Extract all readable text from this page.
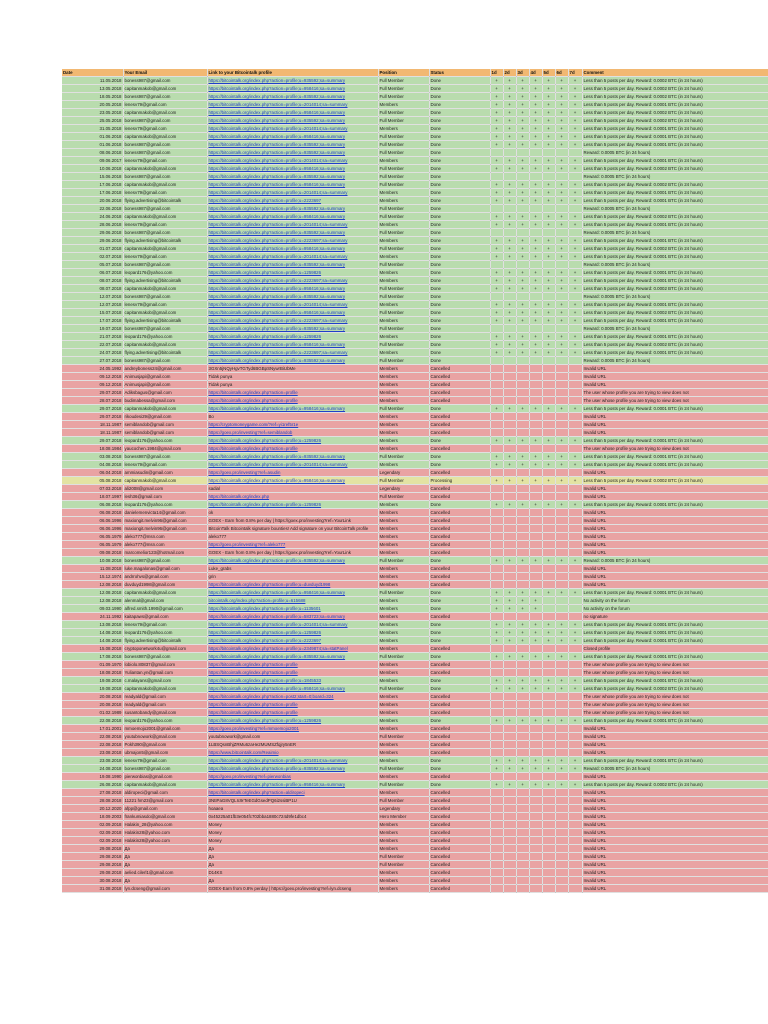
Date	Your Email	Link to your Bitcointalk profile	Position	Status	1d	2d	3d	4d	5d	6d	7d	Comment
11.05.2018	boness987@gmail.com	https://bitcointalk.org/index.php?action=profile;u=935592;sa=summary	Full Member	Done	+	+	+	+	+	+	+	Less than 5 posts per day. Reward: 0.0002 BTC (in 24 hours)
13.05.2018	capitanmakob@gmail.com	https://bitcointalk.org/index.php?action=profile;u=958416;sa=summary	Full Member	Done	+	+	+	+	+	+	+	Less than 5 posts per day. Reward: 0.0002 BTC (in 24 hours)
18.05.2018	boness987@gmail.com	https://bitcointalk.org/index.php?action=profile;u=935592;sa=summary	Full Member	Done	+	+	+	+	+	+	+	Less than 5 posts per day. Reward: 0.0002 BTC (in 24 hours)
20.05.2018	lenesv79@gmail.com	https://bitcointalk.org/index.php?action=profile;u=2014014;sa=summary	Members	Done	+	+	+	+	+	+	+	Less than 5 posts per day. Reward: 0.0001 BTC (in 24 hours)
23.05.2018	capitanmakob@gmail.com	https://bitcointalk.org/index.php?action=profile;u=958416;sa=summary	Full Member	Done	+	+	+	+	+	+	+	Less than 5 posts per day. Reward: 0.0002 BTC (in 24 hours)
25.05.2018	boness987@gmail.com	https://bitcointalk.org/index.php?action=profile;u=935592;sa=summary	Full Member	Done	+	+	+	+	+	+	+	Less than 5 posts per day. Reward: 0.0002 BTC (in 24 hours)
31.05.2018	lenesv79@gmail.com	https://bitcointalk.org/index.php?action=profile;u=2014014;sa=summary	Members	Done	+	+	+	+	+	+	+	Less than 5 posts per day. Reward: 0.0001 BTC (in 24 hours)
01.06.2018	capitanmakob@gmail.com	https://bitcointalk.org/index.php?action=profile;u=958416;sa=summary	Full Member	Done	+	+	+	+	+	+	+	Less than 5 posts per day. Reward: 0.0001 BTC (in 24 hours)
01.06.2018	boness987@gmail.com	https://bitcointalk.org/index.php?action=profile;u=935592;sa=summary	Full Member	Done	+	+	+	+	+	+	+	Less than 5 posts per day. Reward: 0.0001 BTC (in 24 hours)
08.06.2018	boness987@gmail.com	https://bitcointalk.org/index.php?action=profile;u=935592;sa=summary	Full Member	Done								Reward: 0.0005 BTC (in 24 hours)
09.06.2017	lenesv79@gmail.com	https://bitcointalk.org/index.php?action=profile;u=2014014;sa=summary	Members	Done	+	+	+	+	+	+	+	Less than 5 posts per day. Reward: 0.0001 BTC (in 24 hours)
10.06.2018	capitanmakob@gmail.com	https://bitcointalk.org/index.php?action=profile;u=958416;sa=summary	Full Member	Done	+	+	+	+	+	+	+	Less than 5 posts per day. Reward: 0.0002 BTC (in 24 hours)
15.06.2018	boness987@gmail.com	https://bitcointalk.org/index.php?action=profile;u=935592;sa=summary	Full Member	Done								Reward: 0.0005 BTC (in 24 hours)
17.06.2018	capitanmakob@gmail.com	https://bitcointalk.org/index.php?action=profile;u=958416;sa=summary	Full Member	Done	+	+	+	+	+	+	+	Less than 5 posts per day. Reward: 0.0002 BTC (in 24 hours)
17.06.2018	lenesv79@gmail.com	https://bitcointalk.org/index.php?action=profile;u=2014014;sa=summary	Members	Done	+	+	+	+	+	+	+	Less than 5 posts per day. Reward: 0.0001 BTC (in 24 hours)
20.06.2018	flying.advertising@bitcointalk	https://bitcointalk.org/index.php?action=profile;u=2223697	Members	Done	+	+	+	+	+	+	+	Less than 5 posts per day. Reward: 0.0001 BTC (in 24 hours)
22.06.2018	boness987@gmail.com	https://bitcointalk.org/index.php?action=profile;u=935592;sa=summary	Full Member	Done								Reward: 0.0005 BTC (in 24 hours)
24.06.2018	capitanmakob@gmail.com	https://bitcointalk.org/index.php?action=profile;u=958416;sa=summary	Full Member	Done	+	+	+	+	+	+	+	Less than 5 posts per day. Reward: 0.0002 BTC (in 24 hours)
28.06.2018	lenesv79@gmail.com	https://bitcointalk.org/index.php?action=profile;u=2014014;sa=summary	Members	Done	+	+	+	+	+	+	+	Less than 5 posts per day. Reward: 0.0001 BTC (in 24 hours)
29.06.2018	boness987@gmail.com	https://bitcointalk.org/index.php?action=profile;u=935592;sa=summary	Full Member	Done								Reward: 0.0005 BTC (in 24 hours)
29.06.2018	flying.advertising@bitcointalk	https://bitcointalk.org/index.php?action=profile;u=2223697;sa=summary	Members	Done	+	+	+	+	+	+	+	Less than 5 posts per day. Reward: 0.0001 BTC (in 24 hours)
01.07.2018	capitanmakob@gmail.com	https://bitcointalk.org/index.php?action=profile;u=958416;sa=summary	Full Member	Done	+	+	+	+	+	+	+	Less than 5 posts per day. Reward: 0.0002 BTC (in 24 hours)
02.07.2018	lenesv79@gmail.com	https://bitcointalk.org/index.php?action=profile;u=2014014;sa=summary	Members	Done	+	+	+	+	+	+	+	Less than 5 posts per day. Reward: 0.0001 BTC (in 24 hours)
05.07.2018	boness987@gmail.com	https://bitcointalk.org/index.php?action=profile;u=935592;sa=summary	Full Member	Done								Reward: 0.0005 BTC (in 24 hours)
06.07.2018	leopard176@yahoo.com	https://bitcointalk.org/index.php?action=profile;u=1259826	Members	Done	+	+	+	+	+	+	+	Less than 5 posts per day. Reward: 0.0001 BTC (in 24 hours)
08.07.2018	flying.advertising@bitcointalk	https://bitcointalk.org/index.php?action=profile;u=2223697;sa=summary	Members	Done	+	+	+	+	+	+	+	Less than 5 posts per day. Reward: 0.0001 BTC (in 24 hours)
08.07.2018	capitanmakob@gmail.com	https://bitcointalk.org/index.php?action=profile;u=958416;sa=summary	Full Member	Done	+	+	+	+	+	+	+	Less than 5 posts per day. Reward: 0.0002 BTC (in 24 hours)
12.07.2018	boness987@gmail.com	https://bitcointalk.org/index.php?action=profile;u=935592;sa=summary	Full Member	Done								Reward: 0.0005 BTC (in 24 hours)
12.07.2018	lenesv79@gmail.com	https://bitcointalk.org/index.php?action=profile;u=2014014;sa=summary	Members	Done	+	+	+	+	+	+	+	Less than 5 posts per day. Reward: 0.0001 BTC (in 24 hours)
15.07.2018	capitanmakob@gmail.com	https://bitcointalk.org/index.php?action=profile;u=958416;sa=summary	Full Member	Done	+	+	+	+	+	+	+	Less than 5 posts per day. Reward: 0.0002 BTC (in 24 hours)
17.07.2018	flying.advertising@bitcointalk	https://bitcointalk.org/index.php?action=profile;u=2223697;sa=summary	Members	Done	+	+	+	+	+	+	+	Less than 5 posts per day. Reward: 0.0001 BTC (in 24 hours)
19.07.2018	boness987@gmail.com	https://bitcointalk.org/index.php?action=profile;u=935592;sa=summary	Full Member	Done								Reward: 0.0005 BTC (in 24 hours)
21.07.2018	leopard176@yahoo.com	https://bitcointalk.org/index.php?action=profile;u=1259826	Members	Done	+	+	+	+	+	+	+	Less than 5 posts per day. Reward: 0.0001 BTC (in 24 hours)
22.07.2018	capitanmakob@gmail.com	https://bitcointalk.org/index.php?action=profile;u=958416;sa=summary	Full Member	Done	+	+	+	+	+	+	+	Less than 5 posts per day. Reward: 0.0002 BTC (in 24 hours)
24.07.2018	flying.advertising@bitcointalk	https://bitcointalk.org/index.php?action=profile;u=2223697;sa=summary	Members	Done	+	+	+	+	+	+	+	Less than 5 posts per day. Reward: 0.0001 BTC (in 24 hours)
27.07.2018	boness987@gmail.com	https://bitcointalk.org/index.php?action=profile;u=935592;sa=summary	Full Member	Done								Reward: 0.0005 BTC (in 24 hours)
24.05.1992	andreyboness24@gmail.com	3GXn5jNQyHgvTGTyd6BGBpSNywrBiUbMe	Members	Cancelled								Invalid URL
09.12.2018	Animusjapi@gmail.com	Tidak punya	Members	Cancelled								Invalid URL
09.12.2018	Animusjapi@gmail.com	Tidak punya	Members	Cancelled								Invalid URL
29.07.2018	Adiksbagus@gmail.com	https://bitcointalk.org/index.php?action=profile	Members	Cancelled								The user whose profile you are trying to view does not
28.07.2018	budimabessa@gmail.com	https://bitcointalk.org/index.php?action=profile	Members	Cancelled								The user whose profile you are trying to view does not
29.07.2018	capitanmakob@gmail.com	https://bitcointalk.org/index.php?action=profile;u=958416;sa=summary	Full Member	Done	+	+	+	+	+	+	+	Less than 5 posts per day. Reward: 0.0001 BTC (in 24 hours)
29.07.2018	rikoudesi29@gmail.com	Bo	Members	Cancelled								Invalid URL
18.11.1987	semiblandob@gmail.com	https://cryptomoneygame.com/?ref=yi1ref5r1e	Members	Cancelled								Invalid URL
18.11.1987	semiblandob@gmail.com	https://goex.pro/investing?ref=semiblandob	Members	Cancelled								Invalid URL
29.07.2018	leopard176@yahoo.com	https://bitcointalk.org/index.php?action=profile;u=1259826	Members	Done	+	+	+	+	+	+	+	Less than 5 posts per day. Reward: 0.0001 BTC (in 24 hours)
18.08.1984	yaucochen.1984@gmail.com	https://bitcointalk.org/index.php?action=profile	Members	Cancelled								The user whose profile you are trying to view does not
03.08.2018	boness987@gmail.com	https://bitcointalk.org/index.php?action=profile;u=935592;sa=summary	Full Member	Done	+	+	+	+	+	+	+	Less than 5 posts per day. Reward: 0.0001 BTC (in 24 hours)
04.08.2018	lenesv79@gmail.com	https://bitcointalk.org/index.php?action=profile;u=2014014;sa=summary	Members	Done	+	+	+	+	+	+	+	Less than 5 posts per day. Reward: 0.0001 BTC (in 24 hours)
06.04.2018	ammiasudin@gmail.com	https://goex.pro/investing?ref=asudin	Legendary	Cancelled								Invalid URL
05.08.2018	capitanmakob@gmail.com	https://bitcointalk.org/index.php?action=profile;u=958416;sa=summary	Full Member	Processing	+	+	+	+	+	+	+	Less than 5 posts per day. Reward: 0.0002 BTC (in 24 hours)
07.03.2018	ali2008@gmail.com	sadial	Legendary	Cancelled								Invalid URL
18.07.1997	lesh36@gmail.com	https://bitcointalk.org/index.php	Full Member	Cancelled								Invalid URL
06.08.2018	leopard176@yahoo.com	https://bitcointalk.org/index.php?action=profile;u=1259826	Members	Done	+	+	+	+	+	+	+	Less than 5 posts per day. Reward: 0.0001 BTC (in 24 hours)
06.08.2018	danielemenvicta14@gmail.com	ok	Members	Cancelled								Invalid URL
06.06.1996	maxiongit.melvin96@gmail.com	GOEX - Earn from 0.8% per day | https://goex.pro/investing?ref=YourLink	Members	Cancelled								Invalid URL
06.06.1996	maxiongit.melvin96@gmail.com	BitcoinTalk Bitcointalk signature bounties! Add signature on your BitcoinTalk profile	Members	Cancelled								Invalid URL
06.05.1979	aleko777@msn.com	aleko777	Members	Cancelled								Invalid URL
06.05.1979	aleko777@msn.com	https://goex.pro/investing?ref=aleko777	Members	Cancelled								Invalid URL
09.08.2018	marcomelior123@hotmail.com	GOEX - Earn from 0.8% per day | https://goex.pro/investing?ref=YourLink	Members	Cancelled								Invalid URL
10.08.2018	boness987@gmail.com	https://bitcointalk.org/index.php?action=profile;u=935592;sa=summary	Full Member	Done	+	+	+	+	+	+	+	Reward: 0.0005 BTC (in 24 hours)
11.08.2018	luke.magalonas@gmail.com	Luke_grabs	Members	Cancelled								Invalid URL
15.12.1974	andrrohvs@gmail.com	grin	Members	Cancelled								Invalid URL
12.08.2018	duvduyd1998@gmail.com	https://bitcointalk.org/index.php?action=profile;u=duvduyd1998	Members	Cancelled								Invalid URL
12.08.2018	capitanmakob@gmail.com	https://bitcointalk.org/index.php?action=profile;u=958416;sa=summary	Full Member	Done	+	+	+	+	+	+	+	Less than 5 posts per day. Reward: 0.0001 BTC (in 24 hours)
12.08.2018	alenmal@gmail.com	bitcointalk.org/index.php?action=profile;u=615688	Members	Done	+	+	+	+				No activity on the forum
09.03.1990	alfred.smith.1990@gmail.com	https://bitcointalk.org/index.php?action=profile;u=1135601	Members	Done	+	+	+	+				No activity on the forum
24.11.1992	kaitapaws@gmail.com	https://bitcointalk.org/index.php?action=profile;u=583723;sa=summary	Members	Cancelled								no signature
13.08.2018	lenesv79@gmail.com	https://bitcointalk.org/index.php?action=profile;u=2014014;sa=summary	Members	Done	+	+	+	+	+	+	+	Less than 5 posts per day. Reward: 0.0001 BTC (in 24 hours)
14.08.2018	leopard176@yahoo.com	https://bitcointalk.org/index.php?action=profile;u=1259826	Members	Done	+	+	+	+	+	+	+	Less than 5 posts per day. Reward: 0.0001 BTC (in 24 hours)
14.08.2018	flying.advertising@bitcointalk	https://bitcointalk.org/index.php?action=profile;u=2223697	Members	Done	+	+	+	+	+	+	+	Less than 5 posts per day. Reward: 0.0001 BTC (in 24 hours)
15.08.2018	cryptoponetwork4u@gmail.com	https://bitcointalk.org/index.php?action=profile;u=2349874;sa=statPanel	Members	Cancelled								Closed profile
17.08.2018	boness987@gmail.com	https://bitcointalk.org/index.php?action=profile;u=935592;sa=summary	Full Member	Done	+	+	+	+	+	+	+	Less than 5 posts per day. Reward: 0.0001 BTC (in 24 hours)
01.09.1970	lobiolo.80837@gmail.com	https://bitcointalk.org/index.php?action=profile	Members	Cancelled								The user whose profile you are trying to view does not
18.08.2018	Yuliantan.yn@gmail.com	https://bitcointalk.org/index.php?action=profile	Members	Cancelled								The user whose profile you are trying to view does not
19.08.2018	c.malayans@gmail.com	https://bitcointalk.org/index.php?action=profile;u=1845533	Members	Done	+	+	+	+	+	+	+	Less than 5 posts per day. Reward: 0.0001 BTC (in 24 hours)
19.08.2018	capitanmakob@gmail.com	https://bitcointalk.org/index.php?action=profile;u=958416;sa=summary	Full Member	Done	+	+	+	+	+	+	+	Less than 5 posts per day. Reward: 0.0002 BTC (in 24 hours)
20.08.2018	readyald@gmail.com	https://bitcointalk.org/index.php?action=post2;start=0;board=324	Members	Cancelled								The user whose profile you are trying to view does not
20.08.2018	readyald@gmail.com	https://bitcointalk.org/index.php?action=profile	Members	Cancelled								The user whose profile you are trying to view does not
01.02.1989	susantobandy@gmail.com	https://bitcointalk.org/index.php?action=profile	Members	Cancelled								The user whose profile you are trying to view does not
22.08.2018	leopard176@yahoo.com	https://bitcointalk.org/index.php?action=profile;u=1259826	Members	Done	+	+	+	+	+	+	+	Less than 5 posts per day. Reward: 0.0001 BTC (in 24 hours)
17.01.2001	mmoemojo2001@gmail.com	https://goex.pro/investing?ref=mmoemojo2001	Members	Cancelled								Invalid URL
22.08.2018	youtubnowork@gmail.com	youtubnowork@gmail.com	Full Member	Cancelled								Invalid URL
22.08.2018	Pokh390@gmail.com	1LBSQsnBhjZRMu6zaHe2MUMSZfqjry5nER	Members	Cancelled								Invalid URL
23.08.2018	ubmajon5@gmail.com	https://www.bitcointalk.com/Reaimio	Members	Cancelled								Invalid URL
23.08.2018	lenesv79@gmail.com	https://bitcointalk.org/index.php?action=profile;u=2014014;sa=summary	Members	Done	+	+	+	+	+	+	+	Less than 5 posts per day. Reward: 0.0001 BTC (in 24 hours)
24.08.2018	boness987@gmail.com	https://bitcointalk.org/index.php?action=profile;u=935592;sa=summary	Full Member	Done	+	+	+	+	+	+	+	Reward: 0.0005 BTC (in 24 hours)
19.08.1990	pierwonbias@gmail.com	https://goex.pro/investing?ref=pierwonbias	Members	Cancelled								Invalid URL
26.08.2018	capitanmakob@gmail.com	https://bitcointalk.org/index.php?action=profile;u=958416;sa=summary	Full Member	Done	+	+	+	+	+	+	+	Less than 5 posts per day. Reward: 0.0002 BTC (in 24 hours)
27.08.2018	aldiropeci@gmail.com	https://bitcointalk.org/index.php?action=aldiropeci	Members	Cancelled								Invalid URL
28.08.2018	11221 hm23@gmail.com	3NtIPaG8VQLIc9rTeEGdGsedPQ6i2ssiBP1U	Full Member	Cancelled								Invalid URL
20.12.2020	afpp@gmail.com	hoaaea	Legendary	Cancelled								Invalid URL
18.09.2003	frankumiasdo@gmail.com	0x45225a01fb3e054fc702bba1880c724d9fe1dbc4	Hero Member	Cancelled								Invalid URL
02.09.2018	Halakin_28@yahoo.com	Money	Members	Cancelled								Invalid URL
02.09.2018	Halakin28@yahoo.com	Money	Members	Cancelled								Invalid URL
02.09.2018	Halakin28@yahoo.com	Money	Members	Cancelled								Invalid URL
29.08.2018	Да	Да	Members	Cancelled								Invalid URL
29.08.2018	Да	Да	Full Member	Cancelled								Invalid URL
29.08.2018	Да	Да	Full Member	Cancelled								Invalid URL
29.08.2018	aelied.cilerl1@gmail.com	D14KS	Members	Cancelled								Invalid URL
30.08.2018	Да	Да	Members	Cancelled								Invalid URL
31.08.2018	lyn.dcseng@gmail.com	GOEX-Earn from 0.8% perday | https://goex.pro/investing?ref=lyn.dcseng	Members	Cancelled								Invalid URL
